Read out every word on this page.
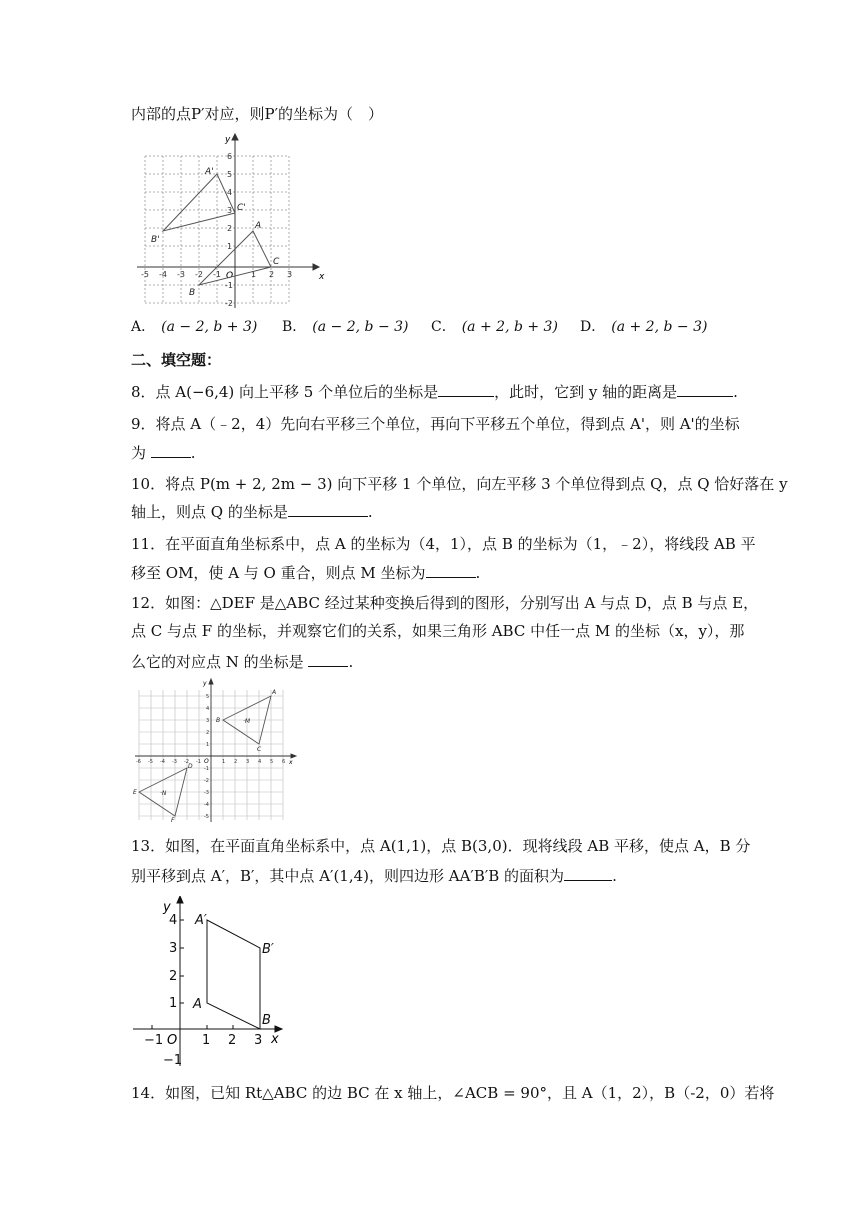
内部的点P′对应，则P′的坐标为（　）
x
y
O
-5 -4 -3 -2 -1	1 2 3
6
5
4
3
2
1
-1
-2
A
B
C
A'
B'
C'
A． (a − 2, b + 3) B． (a − 2, b − 3) C． (a + 2, b + 3) D． (a + 2, b − 3)
二、填空题：
8．点 A(−6,4) 向上平移 5 个单位后的坐标是	，此时，它到 y 轴的距离是	.
9．将点 A（﹣2，4）先向右平移三个单位，再向下平移五个单位，得到点 A'，则 A'的坐标
为	.
10．将点 P(m + 2, 2m − 3) 向下平移 1 个单位，向左平移 3 个单位得到点 Q，点 Q 恰好落在 y
轴上，则点 Q 的坐标是	.
11．在平面直角坐标系中，点 A 的坐标为（4，1），点 B 的坐标为（1，﹣2），将线段 AB 平
移至 OM，使 A 与 O 重合，则点 M 坐标为	.
12．如图：△DEF 是△ABC 经过某种变换后得到的图形，分别写出 A 与点 D，点 B 与点 E，
点 C 与点 F 的坐标，并观察它们的关系，如果三角形 ABC 中任一点 M 的坐标（x，y），那
么它的对应点 N 的坐标是	.
x
y
O
-6 -5 -4 -3 -2 -1	1 2 3 4 5 6
5
4
3
2
1
-1
-2
-3
-4
-5
A
B
C
·M
D
E
F
·N
13．如图，在平面直角坐标系中，点 A(1,1)，点 B(3,0)．现将线段 AB 平移，使点 A，B 分
别平移到点 A′，B′，其中点 A′(1,4)，则四边形 AA′B′B 的面积为	.
x
y
O
−1	1 2 3
4
3
2
1
−1
A
A′
B′
B
14．如图，已知 Rt△ABC 的边 BC 在 x 轴上，∠ACB = 90°，且 A（1，2），B（-2，0）若将
